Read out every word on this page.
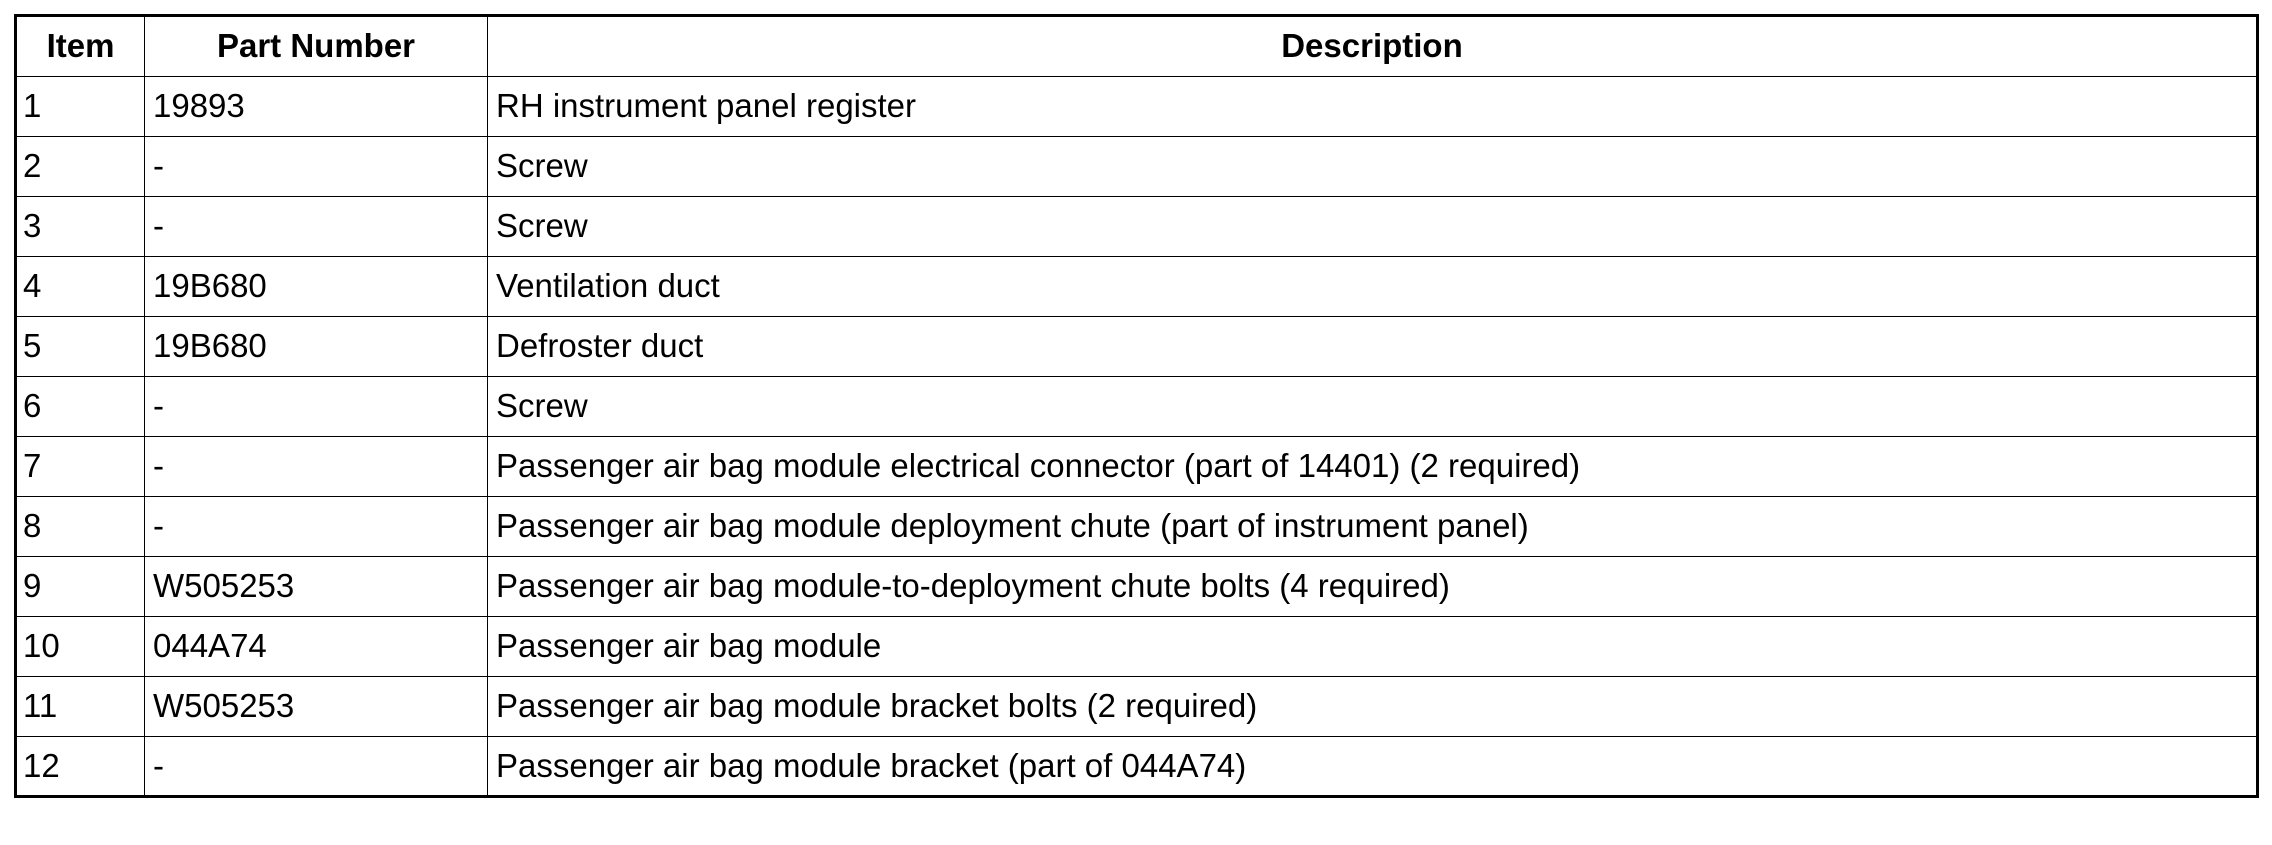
Item	Part Number	Description
1	19893	RH instrument panel register
2	-	Screw
3	-	Screw
4	19B680	Ventilation duct
5	19B680	Defroster duct
6	-	Screw
7	-	Passenger air bag module electrical connector (part of 14401) (2 required)
8	-	Passenger air bag module deployment chute (part of instrument panel)
9	W505253	Passenger air bag module-to-deployment chute bolts (4 required)
10	044A74	Passenger air bag module
11	W505253	Passenger air bag module bracket bolts (2 required)
12	-	Passenger air bag module bracket (part of 044A74)
